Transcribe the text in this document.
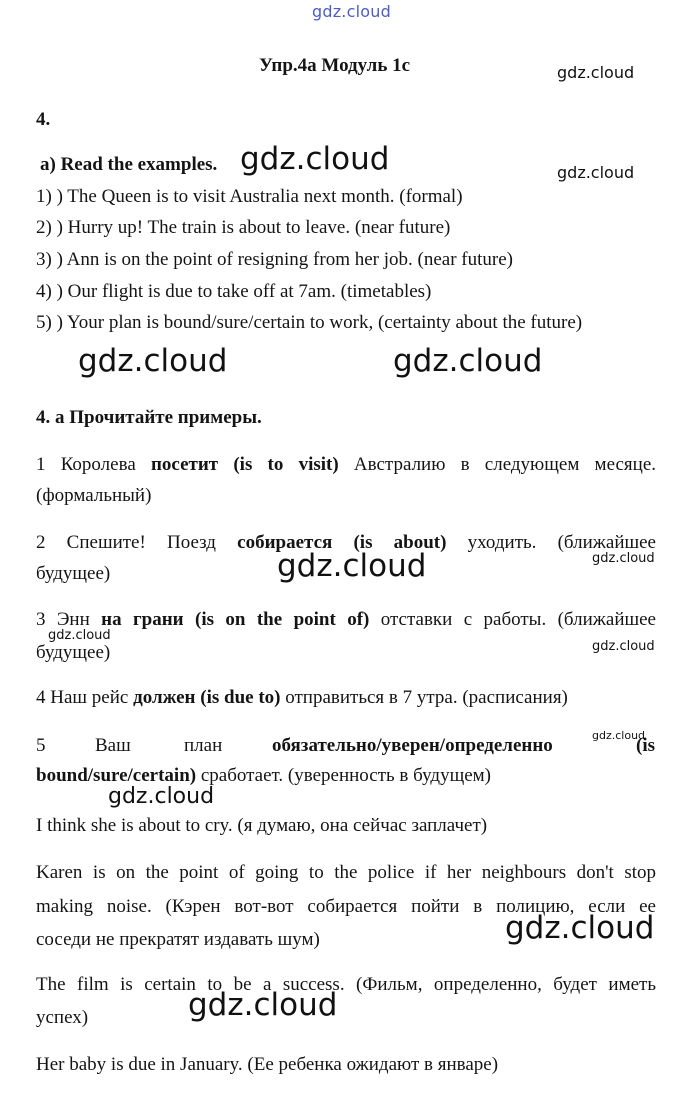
gdz.cloud
Упр.4а Модуль 1с	gdz.cloud
4.
a) Read the examples. gdz.cloud	gdz.cloud
1) ) The Queen is to visit Australia next month. (formal)
2) ) Hurry up! The train is about to leave. (near future)
3) ) Ann is on the point of resigning from her job. (near future)
4) ) Our flight is due to take off at 7am. (timetables)
5) ) Your plan is bound/sure/certain to work, (certainty about the future)
gdz.cloud	gdz.cloud
4. а Прочитайте примеры.
1 Королева посетит (is to visit) Австралию в следующем месяце.
(формальный)
2 Спешите! Поезд собирается (is about) уходить. (ближайшее
будущее)
gdz.cloud
gdz.cloud
3 Энн на грани (is on the point of) отставки с работы. (ближайшее
будущее)
gdz.cloud
gdz.cloud
4 Наш рейс должен (is due to) отправиться в 7 утра. (расписания)
5	Ваш	план	обязательно/уверен/определенно	(is
gdz.cloud
bound/sure/certain) сработает. (уверенность в будущем)
gdz.cloud
I think she is about to cry. (я думаю, она сейчас заплачет)
Karen is on the point of going to the police if her neighbours don't stop
making noise. (Кэрен вот-вот собирается пойти в полицию, если ее
соседи не прекратят издавать шум)	gdz.cloud
The film is certain to be a success. (Фильм, определенно, будет иметь
успех)	gdz.cloud
Her baby is due in January. (Ее ребенка ожидают в январе)
